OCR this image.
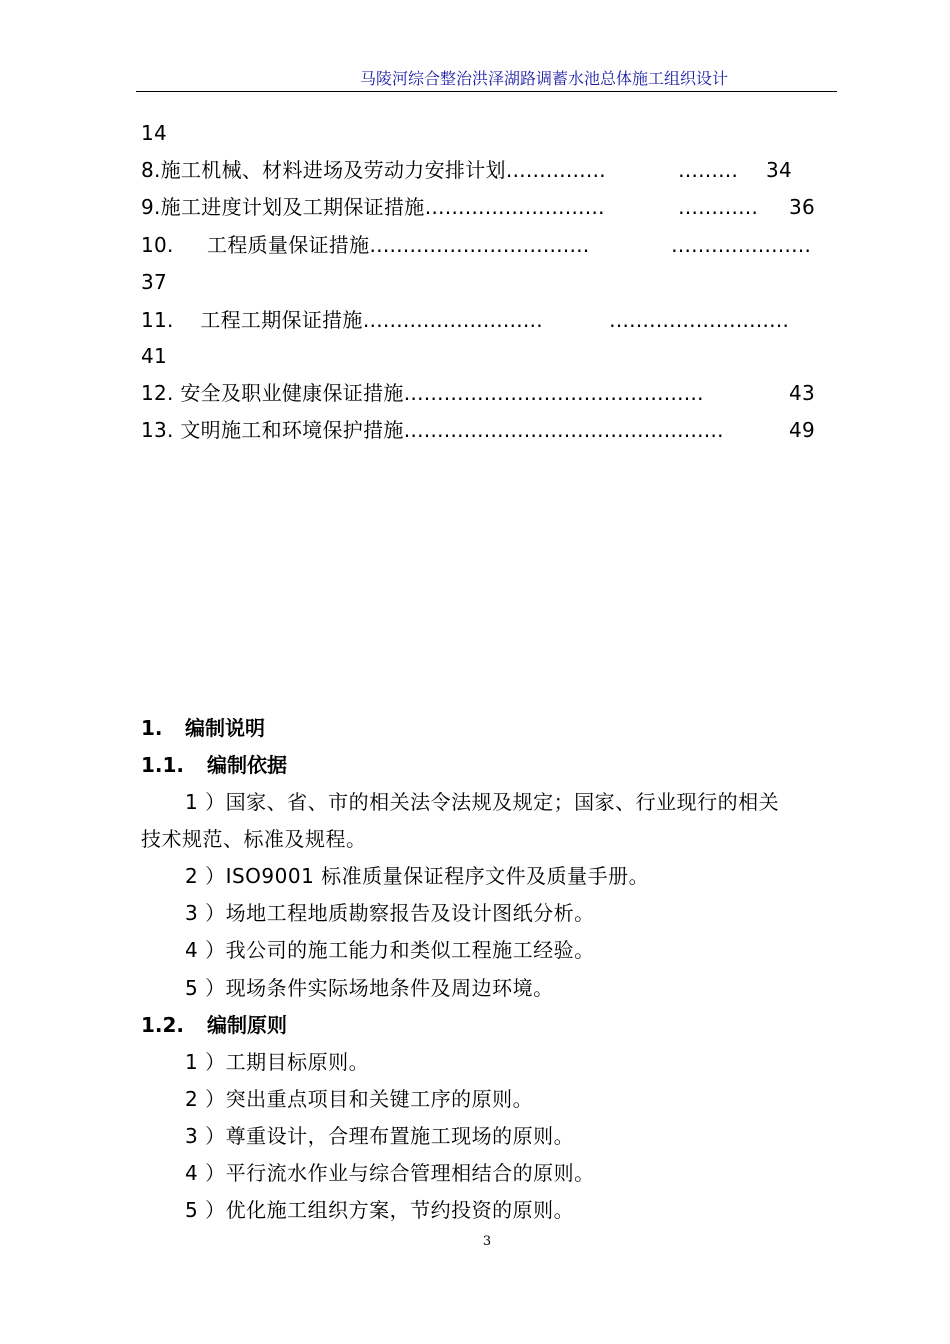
马陵河综合整治洪泽湖路调蓄水池总体施工组织设计
14
8.施工机械、材料进场及劳动力安排计划……………	……… 34
9.施工进度计划及工期保证措施………………………	………… 36
10.     工程质量保证措施……………………………	…………………
37
11.    工程工期保证措施………………………	………………………
41
12. 安全及职业健康保证措施………………………………………	43
13. 文明施工和环境保护措施…………………………………………	49
1. 编制说明
1.1. 编制依据
1 ）国家、省、市的相关法令法规及规定；国家、行业现行的相关
技术规范、标准及规程。
2 ）ISO9001 标准质量保证程序文件及质量手册。
3 ）场地工程地质勘察报告及设计图纸分析。
4 ）我公司的施工能力和类似工程施工经验。
5 ）现场条件实际场地条件及周边环境。
1.2. 编制原则
1 ）工期目标原则。
2 ）突出重点项目和关键工序的原则。
3 ）尊重设计，合理布置施工现场的原则。
4 ）平行流水作业与综合管理相结合的原则。
5 ）优化施工组织方案，节约投资的原则。
3
